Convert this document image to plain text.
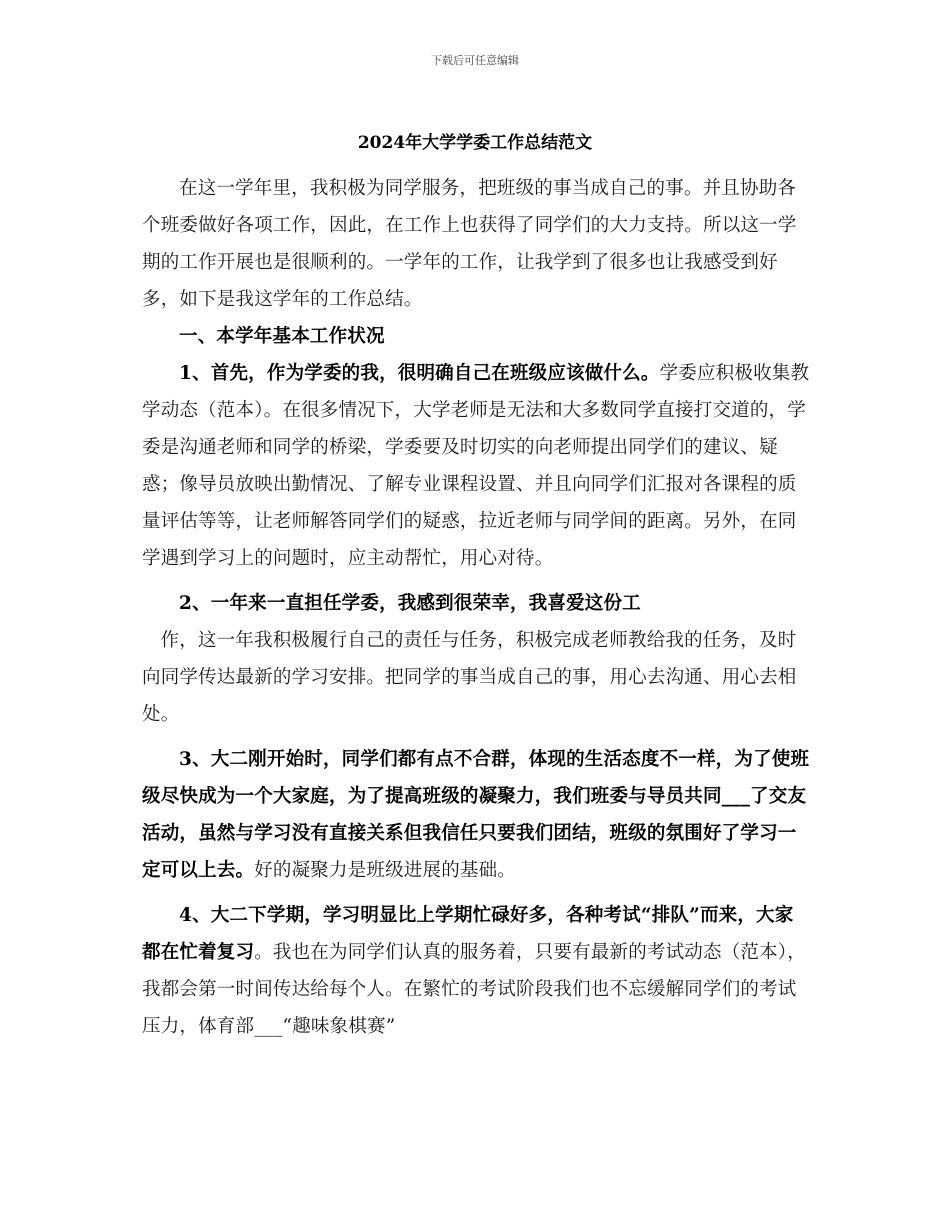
下载后可任意编辑
2024年大学学委工作总结范文

在这一学年里，我积极为同学服务，把班级的事当成自己的事。并且协助各个班委做好各项工作，因此，在工作上也获得了同学们的大力支持。所以这一学期的工作开展也是很顺利的。一学年的工作，让我学到了很多也让我感受到好多，如下是我这学年的工作总结。

一、本学年基本工作状况

1、首先，作为学委的我，很明确自己在班级应该做什么。学委应积极收集教学动态（范本）。在很多情况下，大学老师是无法和大多数同学直接打交道的，学委是沟通老师和同学的桥梁，学委要及时切实的向老师提出同学们的建议、疑惑；像导员放映出勤情况、了解专业课程设置、并且向同学们汇报对各课程的质量评估等等，让老师解答同学们的疑惑，拉近老师与同学间的距离。另外，在同学遇到学习上的问题时，应主动帮忙，用心对待。

2、一年来一直担任学委，我感到很荣幸，我喜爱这份工

作，这一年我积极履行自己的责任与任务，积极完成老师教给我的任务，及时向同学传达最新的学习安排。把同学的事当成自己的事，用心去沟通、用心去相处。

3、大二刚开始时，同学们都有点不合群，体现的生活态度不一样，为了使班级尽快成为一个大家庭，为了提高班级的凝聚力，我们班委与导员共同___了交友活动，虽然与学习没有直接关系但我信任只要我们团结，班级的氛围好了学习一定可以上去。好的凝聚力是班级进展的基础。

4、大二下学期，学习明显比上学期忙碌好多，各种考试“排队”而来，大家都在忙着复习。我也在为同学们认真的服务着，只要有最新的考试动态（范本），我都会第一时间传达给每个人。在繁忙的考试阶段我们也不忘缓解同学们的考试压力，体育部___“趣味象棋赛”
